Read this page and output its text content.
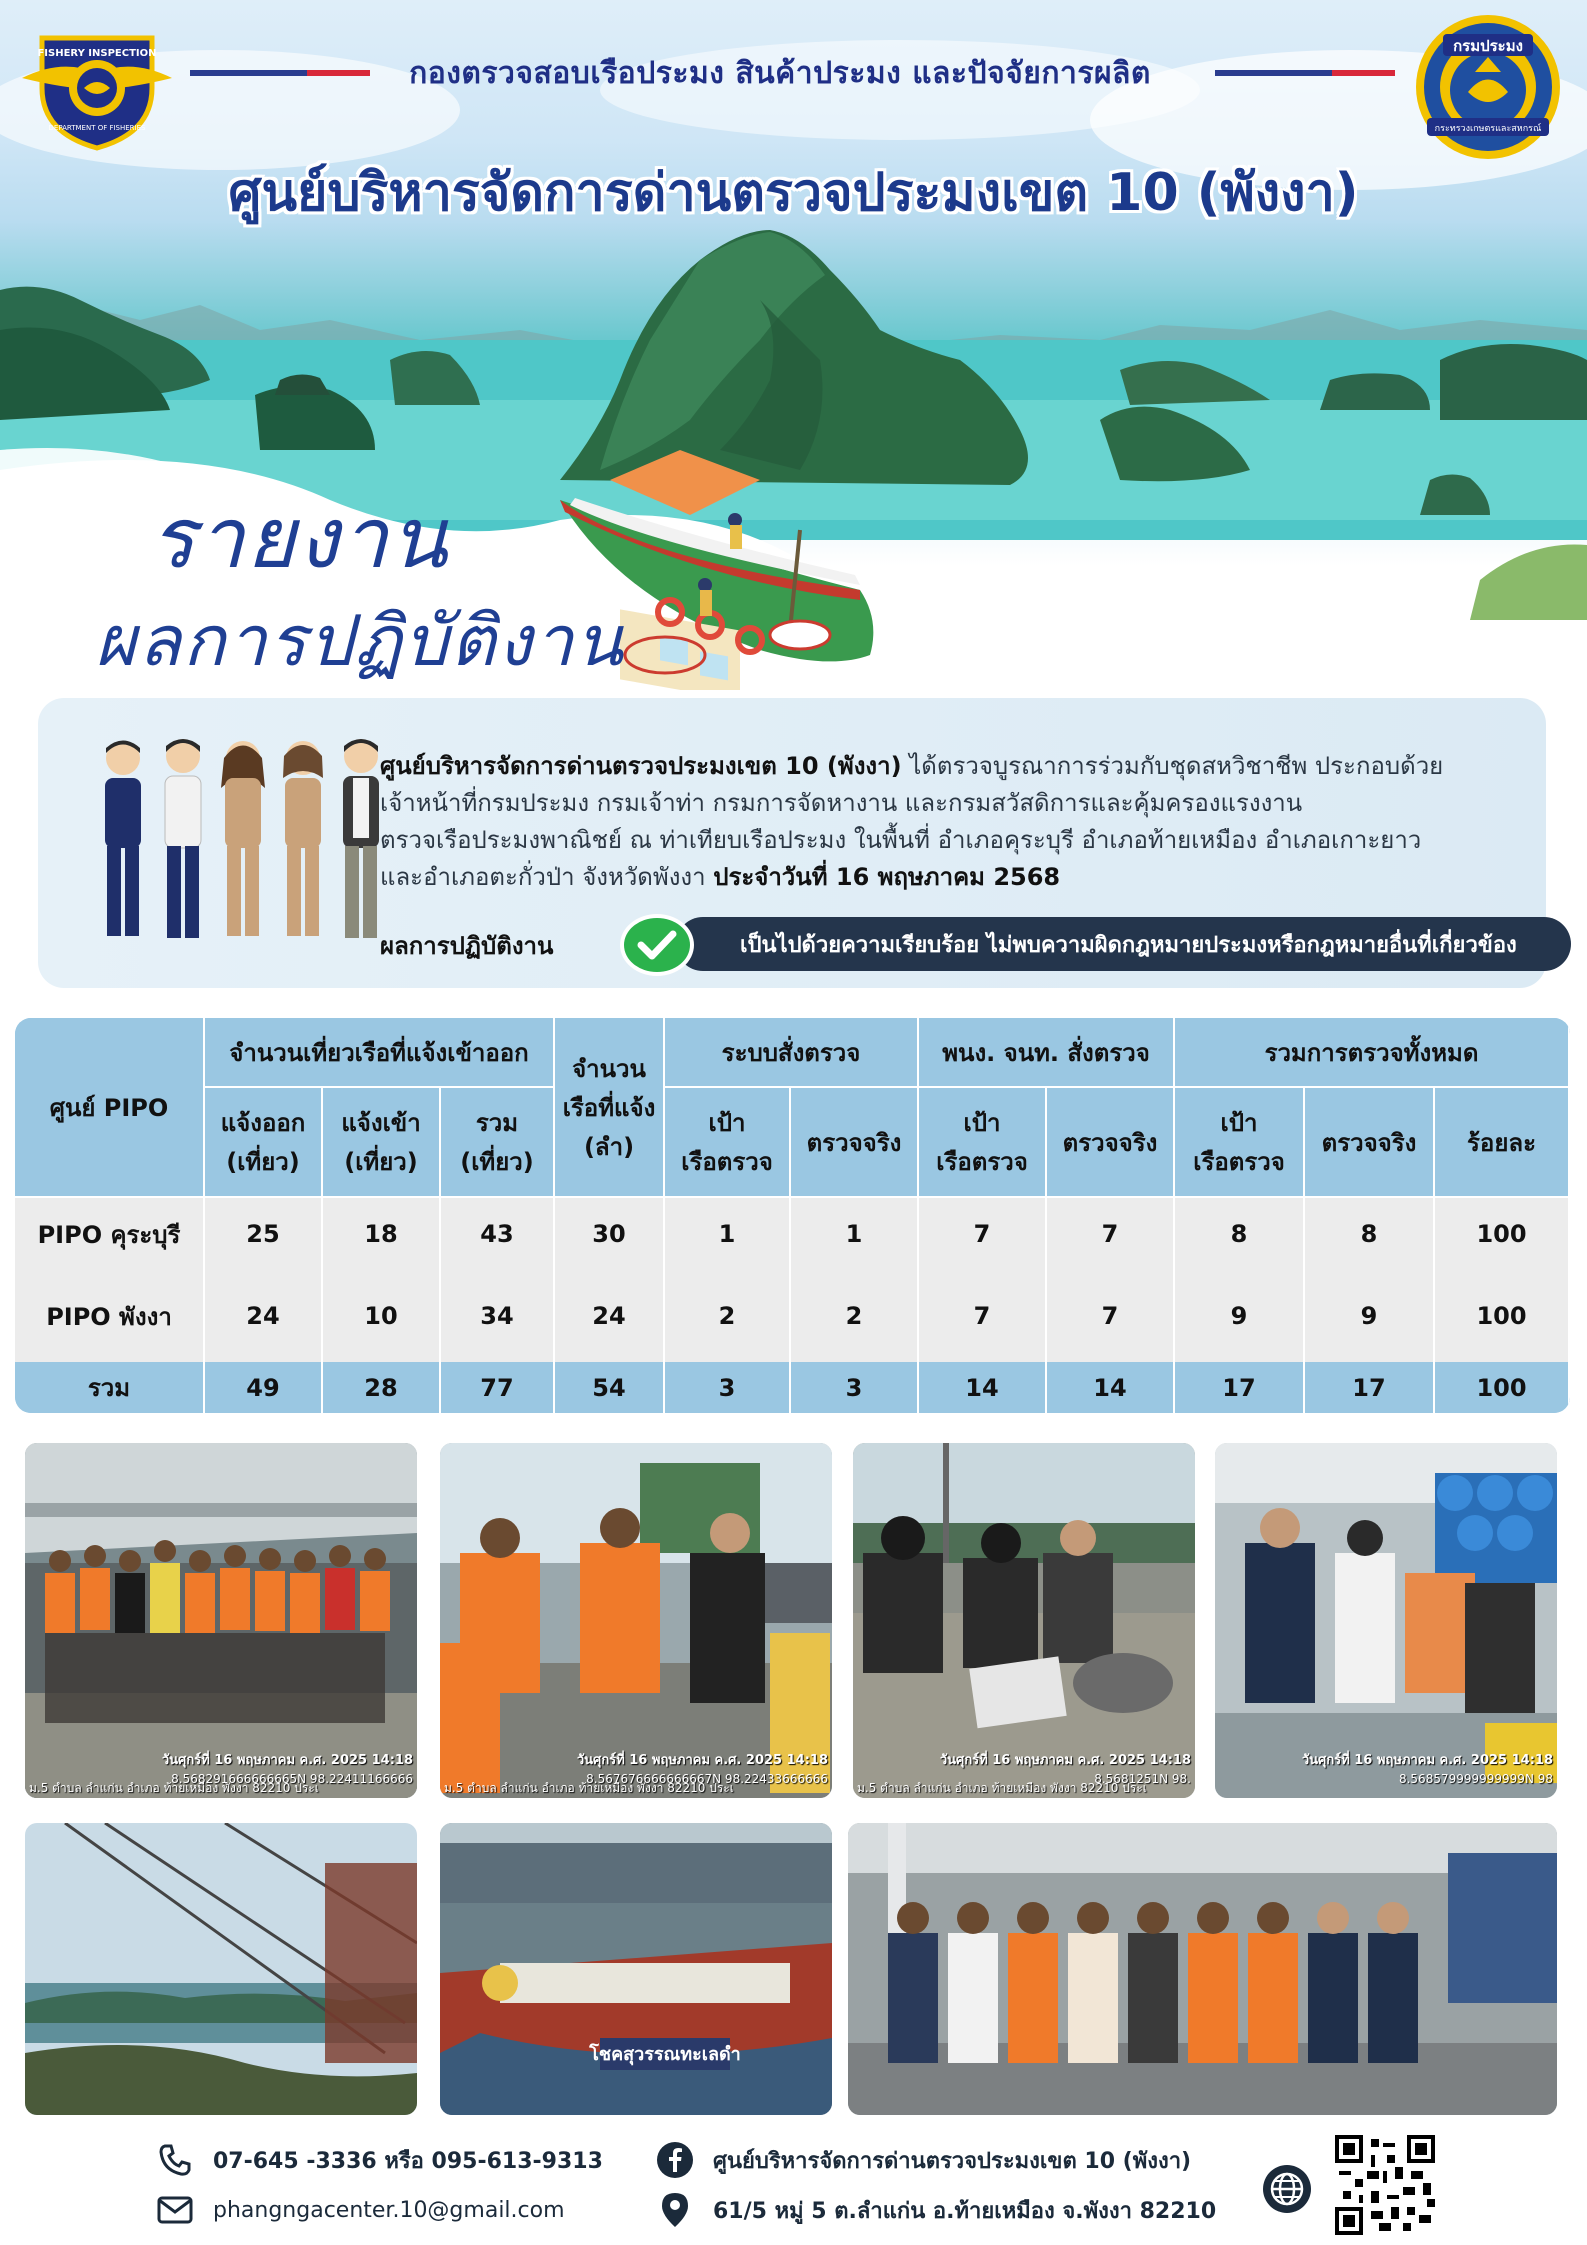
FISHERY INSPECTION
DEPARTMENT OF FISHERIES
กรมประมง
กระทรวงเกษตรและสหกรณ์
กองตรวจสอบเรือประมง สินค้าประมง และปัจจัยการผลิต
ศูนย์บริหารจัดการด่านตรวจประมงเขต 10 (พังงา)
รายงาน
ผลการปฏิบัติงาน
ศูนย์บริหารจัดการด่านตรวจประมงเขต 10 (พังงา) ได้ตรวจบูรณาการร่วมกับชุดสหวิชาชีพ ประกอบด้วย
เจ้าหน้าที่กรมประมง กรมเจ้าท่า กรมการจัดหางาน และกรมสวัสดิการและคุ้มครองแรงงาน
ตรวจเรือประมงพาณิชย์ ณ ท่าเทียบเรือประมง ในพื้นที่ อำเภอคุระบุรี อำเภอท้ายเหมือง อำเภอเกาะยาว
และอำเภอตะกั่วป่า จังหวัดพังงา ประจำวันที่ 16 พฤษภาคม 2568
ผลการปฏิบัติงาน	เป็นไปด้วยความเรียบร้อย ไม่พบความผิดกฎหมายประมงหรือกฎหมายอื่นที่เกี่ยวข้อง
ศูนย์ PIPO	จำนวนเที่ยวเรือที่แจ้งเข้าออก			จำนวน
เรือที่แจ้ง
(ลำ)	ระบบสั่งตรวจ		พนง. จนท. สั่งตรวจ		รวมการตรวจทั้งหมด		

	แจ้งออก
(เที่ยว)	แจ้งเข้า
(เที่ยว)	รวม
(เที่ยว)		เป้า
เรือตรวจ	ตรวจจริง	เป้า
เรือตรวจ	ตรวจจริง	เป้า
เรือตรวจ	ตรวจจริง	ร้อยละ
PIPO คุระบุรี	25	18	43	30	1	1	7	7	8	8	100
PIPO พังงา	24	10	34	24	2	2	7	7	9	9	100
รวม	49	28	77	54	3	3	14	14	17	17	100
วันศุกร์ที่ 16 พฤษภาคม ค.ศ. 2025 14:18
8.568291666666665N 98.22411166666
ม.5 ตำบล ลำแก่น อำเภอ ท้ายเหมือง พังงา 82210 ประเ
วันศุกร์ที่ 16 พฤษภาคม ค.ศ. 2025 14:18
8.567676666666667N 98.22433666666
ม.5 ตำบล ลำแก่น อำเภอ ท้ายเหมือง พังงา 82210 ประเ
วันศุกร์ที่ 16 พฤษภาคม ค.ศ. 2025 14:18
8.5681251N 98.
ม.5 ตำบล ลำแก่น อำเภอ ท้ายเหมือง พังงา 82210 ประเ
วันศุกร์ที่ 16 พฤษภาคม ค.ศ. 2025 14:18
8.568579999999999N 98
โชคสุวรรณทะเลดำ
07-645 -3336 หรือ 095-613-9313
phangngacenter.10@gmail.com
ศูนย์บริหารจัดการด่านตรวจประมงเขต 10 (พังงา)
61/5 หมู่ 5 ต.ลำแก่น อ.ท้ายเหมือง จ.พังงา 82210
